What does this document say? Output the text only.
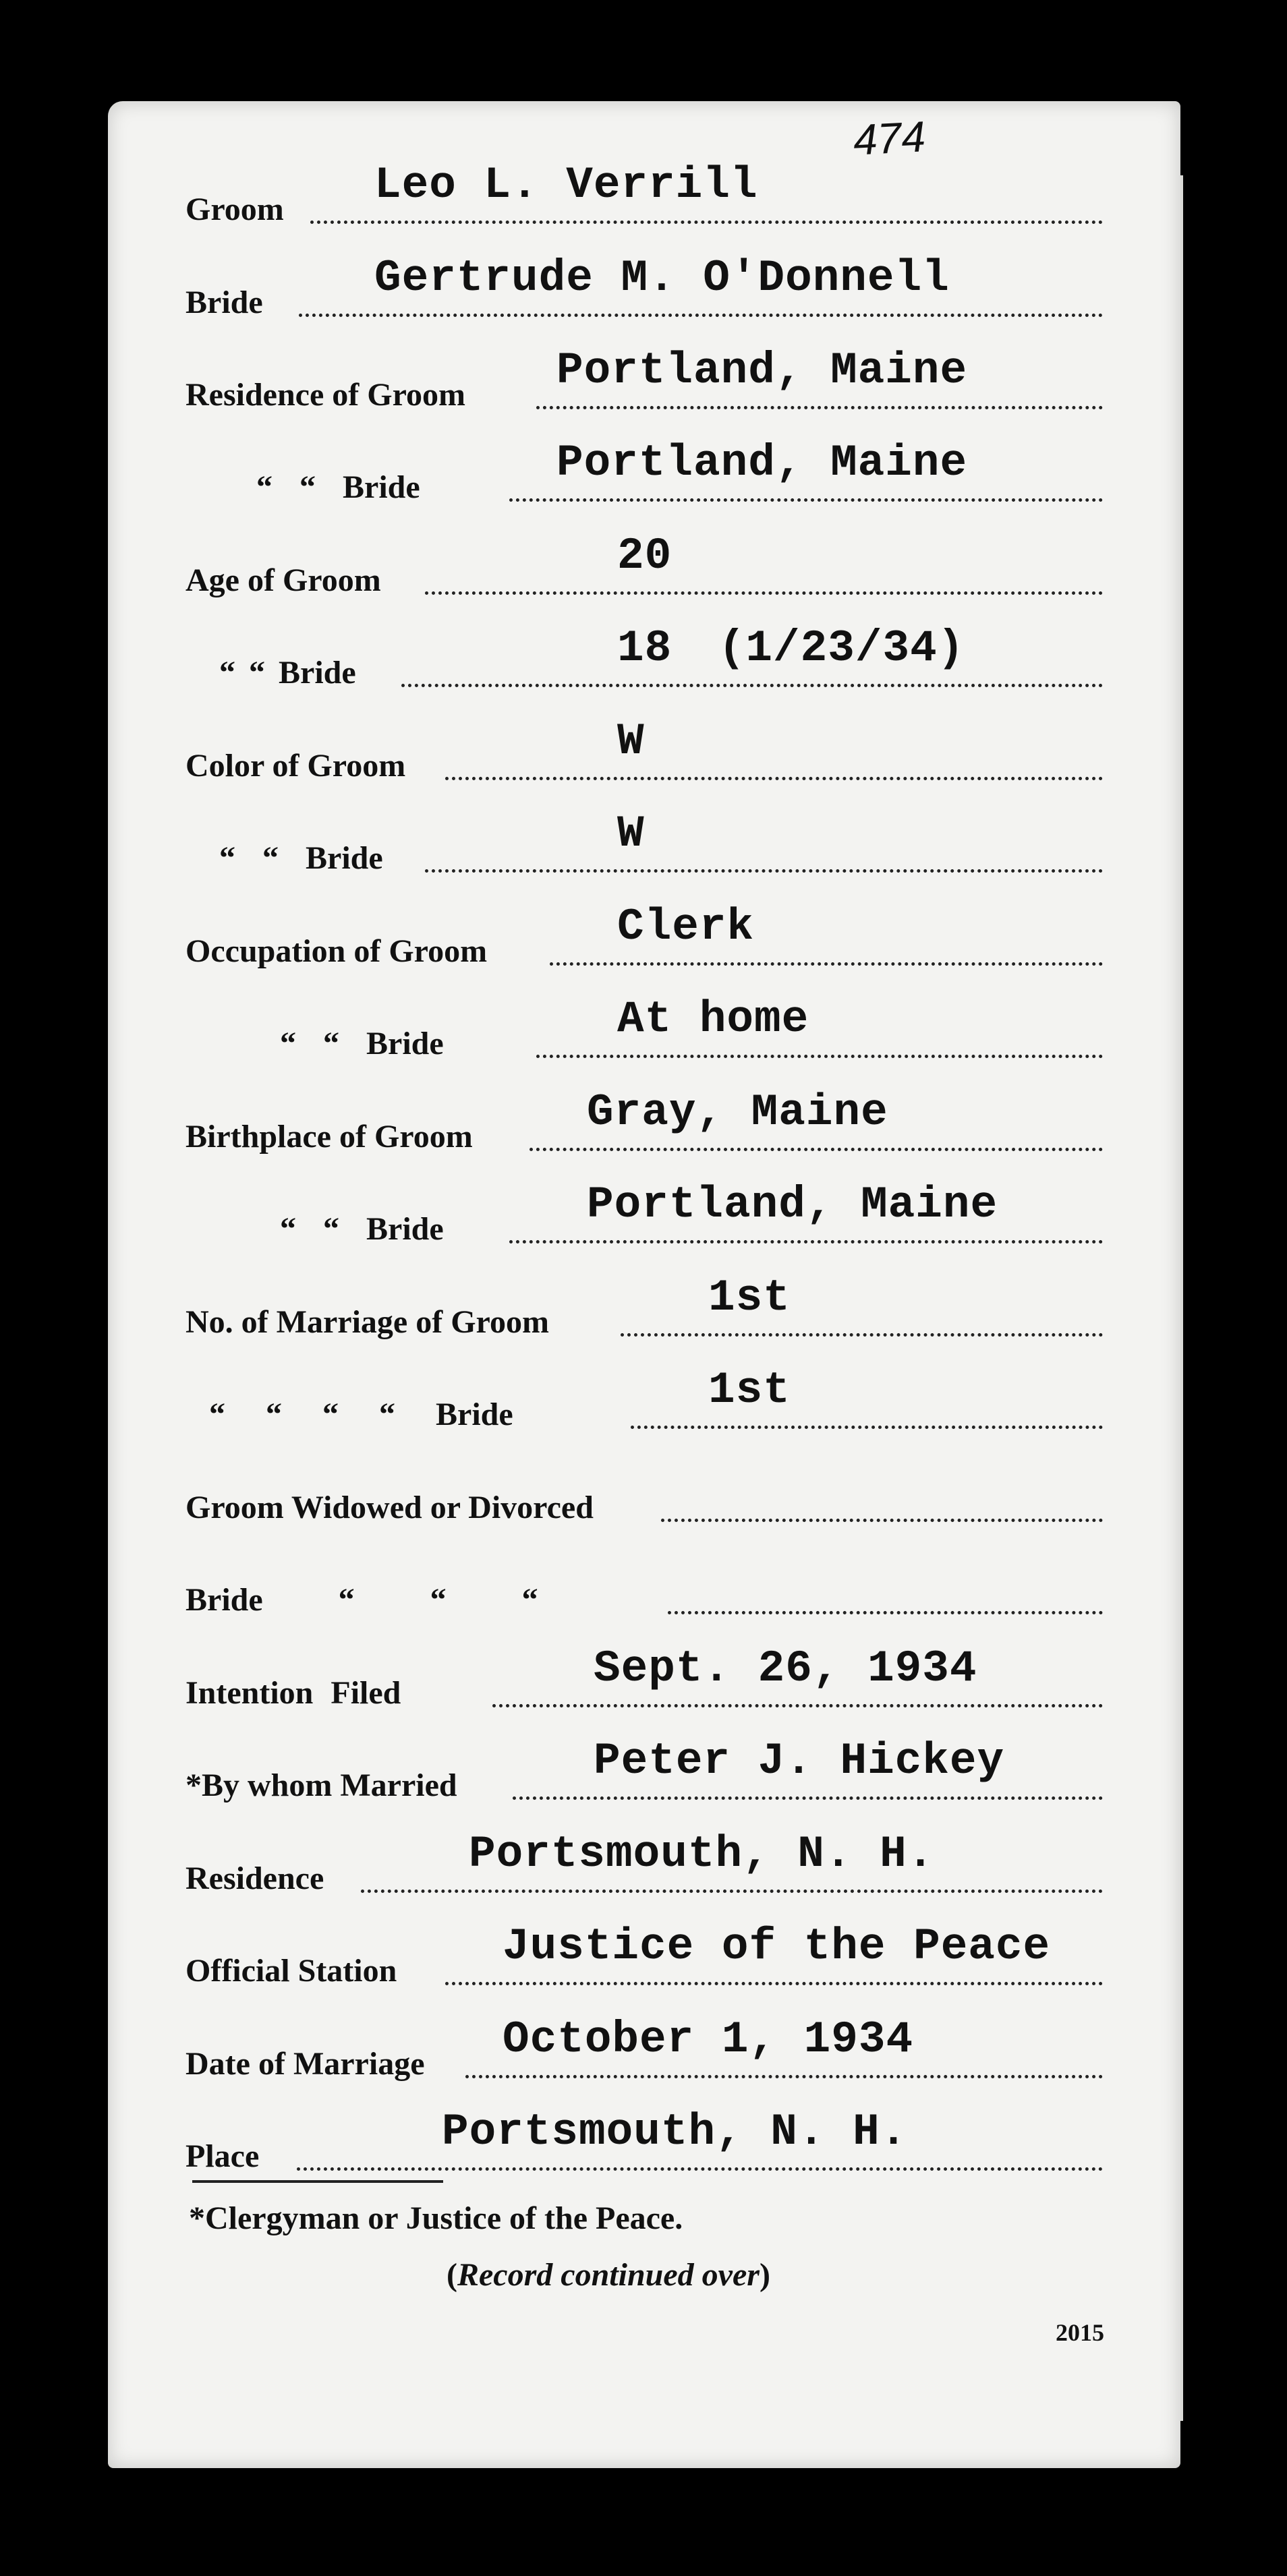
474
Groom Leo L. Verrill
Bride	Gertrude M. O'Donnell
Residence of Groom Portland, Maine
“ “ Bride	Portland, Maine
Age of Groom	20
“ “ Bride	18 (1/23/34)
Color of Groom	W
“ “ Bride	W
Occupation of Groom	Clerk
“ “ Bride	At home
Birthplace of Groom	Gray, Maine
“ “ Bride	Portland, Maine
No. of Marriage of Groom	1st
“ “ “ “ Bride	1st
Groom Widowed or Divorced
Bride “ “ “
Intention Filed	Sept. 26, 1934
*By whom Married	Peter J. Hickey
Residence	Portsmouth, N. H.
Official Station Justice of the Peace
Date of Marriage October 1, 1934
Place	Portsmouth, N. H.
*Clergyman or Justice of the Peace.
(Record continued over)
2015
